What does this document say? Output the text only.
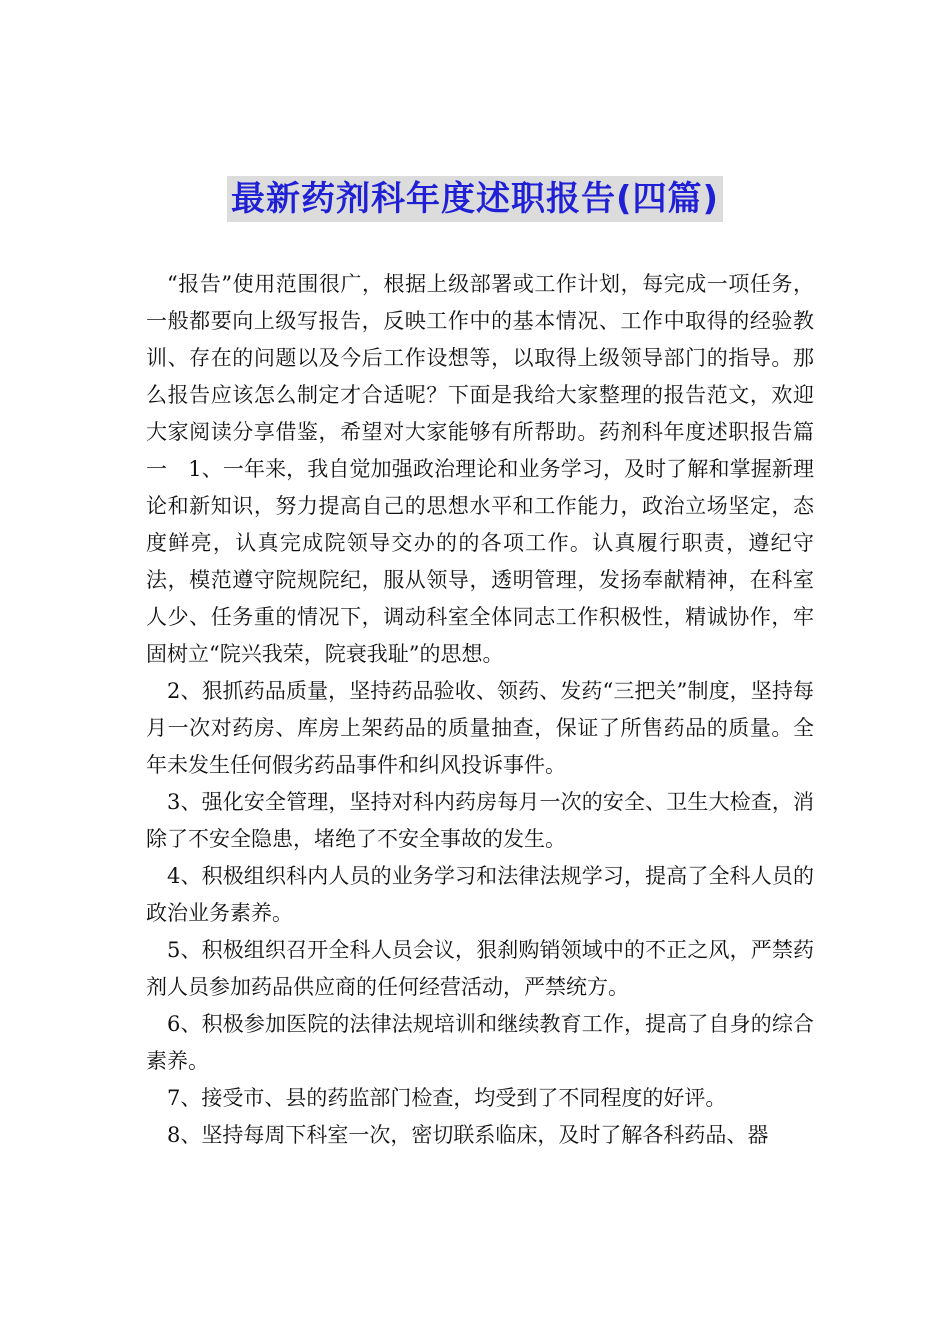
最新药剂科年度述职报告(四篇)

“报告”使用范围很广，根据上级部署或工作计划，每完成一项任务，一般都要向上级写报告，反映工作中的基本情况、工作中取得的经验教训、存在的问题以及今后工作设想等，以取得上级领导部门的指导。那么报告应该怎么制定才合适呢？下面是我给大家整理的报告范文，欢迎大家阅读分享借鉴，希望对大家能够有所帮助。药剂科年度述职报告篇一　1、一年来，我自觉加强政治理论和业务学习，及时了解和掌握新理论和新知识，努力提高自己的思想水平和工作能力，政治立场坚定，态度鲜亮，认真完成院领导交办的的各项工作。认真履行职责，遵纪守法，模范遵守院规院纪，服从领导，透明管理，发扬奉献精神，在科室人少、任务重的情况下，调动科室全体同志工作积极性，精诚协作，牢固树立“院兴我荣，院衰我耻”的思想。

2、狠抓药品质量，坚持药品验收、领药、发药“三把关”制度，坚持每月一次对药房、库房上架药品的质量抽查，保证了所售药品的质量。全年未发生任何假劣药品事件和纠风投诉事件。

3、强化安全管理，坚持对科内药房每月一次的安全、卫生大检查，消除了不安全隐患，堵绝了不安全事故的发生。

4、积极组织科内人员的业务学习和法律法规学习，提高了全科人员的政治业务素养。

5、积极组织召开全科人员会议，狠刹购销领域中的不正之风，严禁药剂人员参加药品供应商的任何经营活动，严禁统方。

6、积极参加医院的法律法规培训和继续教育工作，提高了自身的综合素养。

7、接受市、县的药监部门检查，均受到了不同程度的好评。

8、坚持每周下科室一次，密切联系临床，及时了解各科药品、器
